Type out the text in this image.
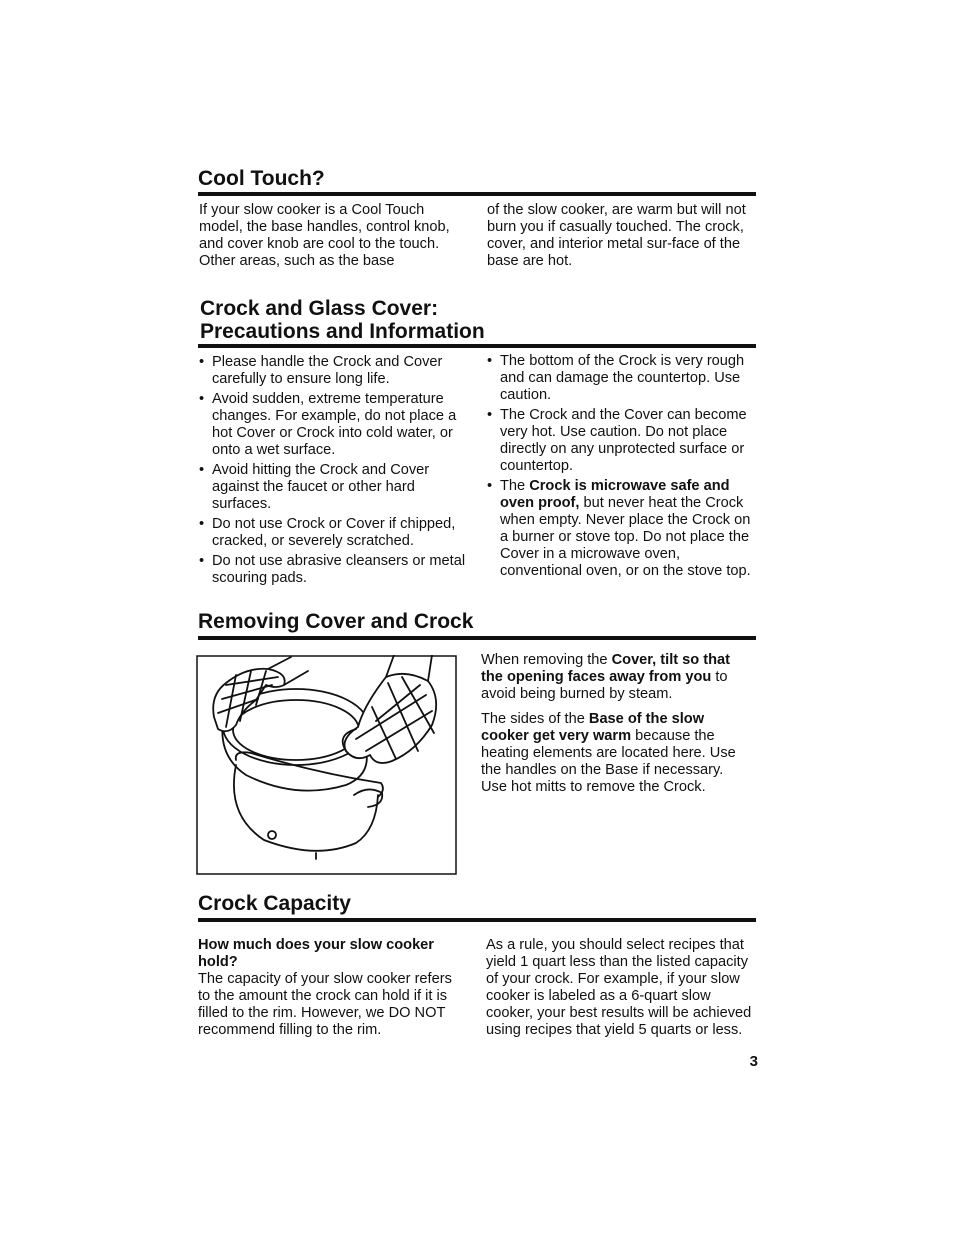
Cool Touch?

If your slow cooker is a Cool Touch model, the base handles, control knob, and cover knob are cool to the touch. Other areas, such as the base

of the slow cooker, are warm but will not burn you if casually touched. The crock, cover, and interior metal sur-face of the base are hot.

Crock and Glass Cover:
Precautions and Information
• Please handle the Crock and Cover carefully to ensure long life.
• Avoid sudden, extreme temperature changes. For example, do not place a hot Cover or Crock into cold water, or onto a wet surface.
• Avoid hitting the Crock and Cover against the faucet or other hard surfaces.
• Do not use Crock or Cover if chipped, cracked, or severely scratched.
• Do not use abrasive cleansers or metal scouring pads.
• The bottom of the Crock is very rough and can damage the countertop. Use caution.
• The Crock and the Cover can become very hot. Use caution. Do not place directly on any unprotected surface or countertop.
• The Crock is microwave safe and oven proof, but never heat the Crock when empty. Never place the Crock on a burner or stove top. Do not place the Cover in a microwave oven, conventional oven, or on the stove top.
Removing Cover and Crock

When removing the Cover, tilt so that the opening faces away from you to avoid being burned by steam.

The sides of the Base of the slow cooker get very warm because the heating elements are located here. Use the handles on the Base if necessary. Use hot mitts to remove the Crock.

Crock Capacity

How much does your slow cooker hold?

The capacity of your slow cooker refers to the amount the crock can hold if it is filled to the rim. However, we DO NOT recommend filling to the rim.

As a rule, you should select recipes that yield 1 quart less than the listed capacity of your crock. For example, if your slow cooker is labeled as a 6-quart slow cooker, your best results will be achieved using recipes that yield 5 quarts or less.

3
